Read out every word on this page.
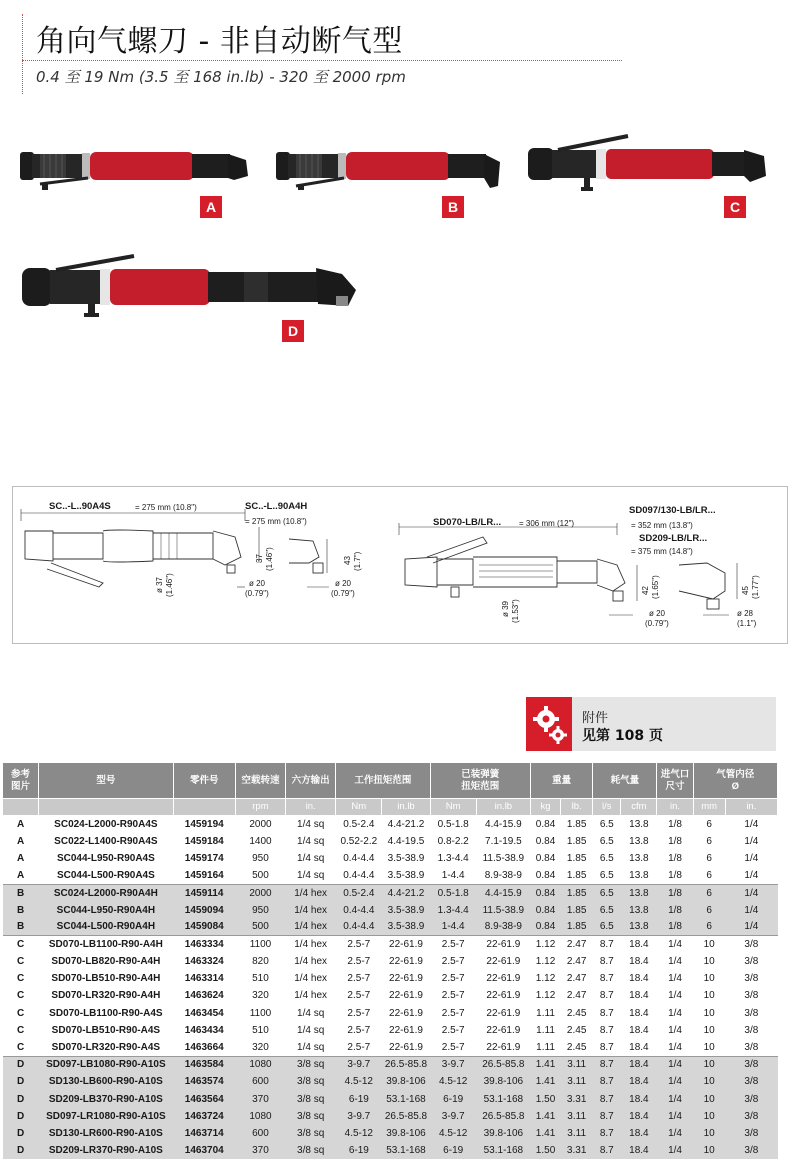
角向气螺刀 - 非自动断气型
0.4 至 19 Nm (3.5 至 168 in.lb) - 320 至 2000 rpm
A	B	C
D
SC..-L..90A4S	= 275 mm (10.8")	SC..-L..90A4H
= 275 mm (10.8")
ø 37 (1.46")
37 (1.46")	43 (1.7")
ø 20
(0.79")
ø 20
(0.79")
SD070-LB/LR... = 306 mm (12")
SD097/130-LB/LR...
= 352 mm (13.8")
SD209-LB/LR...
= 375 mm (14.8")
ø 39 (1.53")
42 (1.65")	45 (1.77")
ø 20
(0.79")
ø 28
(1.1")
附件
见第 108 页
参考
图片	型号	零件号	空载转速	六方输出	工作扭矩范围		已装弹簧
扭矩范围		重量		耗气量		进气口
尺寸	气管内径
Ø	
			rpm	in.	Nm	in.lb	Nm	in.lb	kg	lb.	l/s	cfm	in.	mm	in.
A	SC024-L2000-R90A4S	1459194	2000	1/4 sq	0.5-2.4	4.4-21.2	0.5-1.8	4.4-15.9	0.84	1.85	6.5	13.8	1/8	6	1/4
A	SC022-L1400-R90A4S	1459184	1400	1/4 sq	0.52-2.2	4.4-19.5	0.8-2.2	7.1-19.5	0.84	1.85	6.5	13.8	1/8	6	1/4
A	SC044-L950-R90A4S	1459174	950	1/4 sq	0.4-4.4	3.5-38.9	1.3-4.4	11.5-38.9	0.84	1.85	6.5	13.8	1/8	6	1/4
A	SC044-L500-R90A4S	1459164	500	1/4 sq	0.4-4.4	3.5-38.9	1-4.4	8.9-38-9	0.84	1.85	6.5	13.8	1/8	6	1/4
B	SC024-L2000-R90A4H	1459114	2000	1/4 hex	0.5-2.4	4.4-21.2	0.5-1.8	4.4-15.9	0.84	1.85	6.5	13.8	1/8	6	1/4
B	SC044-L950-R90A4H	1459094	950	1/4 hex	0.4-4.4	3.5-38.9	1.3-4.4	11.5-38.9	0.84	1.85	6.5	13.8	1/8	6	1/4
B	SC044-L500-R90A4H	1459084	500	1/4 hex	0.4-4.4	3.5-38.9	1-4.4	8.9-38-9	0.84	1.85	6.5	13.8	1/8	6	1/4
C	SD070-LB1100-R90-A4H	1463334	1100	1/4 hex	2.5-7	22-61.9	2.5-7	22-61.9	1.12	2.47	8.7	18.4	1/4	10	3/8
C	SD070-LB820-R90-A4H	1463324	820	1/4 hex	2.5-7	22-61.9	2.5-7	22-61.9	1.12	2.47	8.7	18.4	1/4	10	3/8
C	SD070-LB510-R90-A4H	1463314	510	1/4 hex	2.5-7	22-61.9	2.5-7	22-61.9	1.12	2.47	8.7	18.4	1/4	10	3/8
C	SD070-LR320-R90-A4H	1463624	320	1/4 hex	2.5-7	22-61.9	2.5-7	22-61.9	1.12	2.47	8.7	18.4	1/4	10	3/8
C	SD070-LB1100-R90-A4S	1463454	1100	1/4 sq	2.5-7	22-61.9	2.5-7	22-61.9	1.11	2.45	8.7	18.4	1/4	10	3/8
C	SD070-LB510-R90-A4S	1463434	510	1/4 sq	2.5-7	22-61.9	2.5-7	22-61.9	1.11	2.45	8.7	18.4	1/4	10	3/8
C	SD070-LR320-R90-A4S	1463664	320	1/4 sq	2.5-7	22-61.9	2.5-7	22-61.9	1.11	2.45	8.7	18.4	1/4	10	3/8
D	SD097-LB1080-R90-A10S	1463584	1080	3/8 sq	3-9.7	26.5-85.8	3-9.7	26.5-85.8	1.41	3.11	8.7	18.4	1/4	10	3/8
D	SD130-LB600-R90-A10S	1463574	600	3/8 sq	4.5-12	39.8-106	4.5-12	39.8-106	1.41	3.11	8.7	18.4	1/4	10	3/8
D	SD209-LB370-R90-A10S	1463564	370	3/8 sq	6-19	53.1-168	6-19	53.1-168	1.50	3.31	8.7	18.4	1/4	10	3/8
D	SD097-LR1080-R90-A10S	1463724	1080	3/8 sq	3-9.7	26.5-85.8	3-9.7	26.5-85.8	1.41	3.11	8.7	18.4	1/4	10	3/8
D	SD130-LR600-R90-A10S	1463714	600	3/8 sq	4.5-12	39.8-106	4.5-12	39.8-106	1.41	3.11	8.7	18.4	1/4	10	3/8
D	SD209-LR370-R90-A10S	1463704	370	3/8 sq	6-19	53.1-168	6-19	53.1-168	1.50	3.31	8.7	18.4	1/4	10	3/8
